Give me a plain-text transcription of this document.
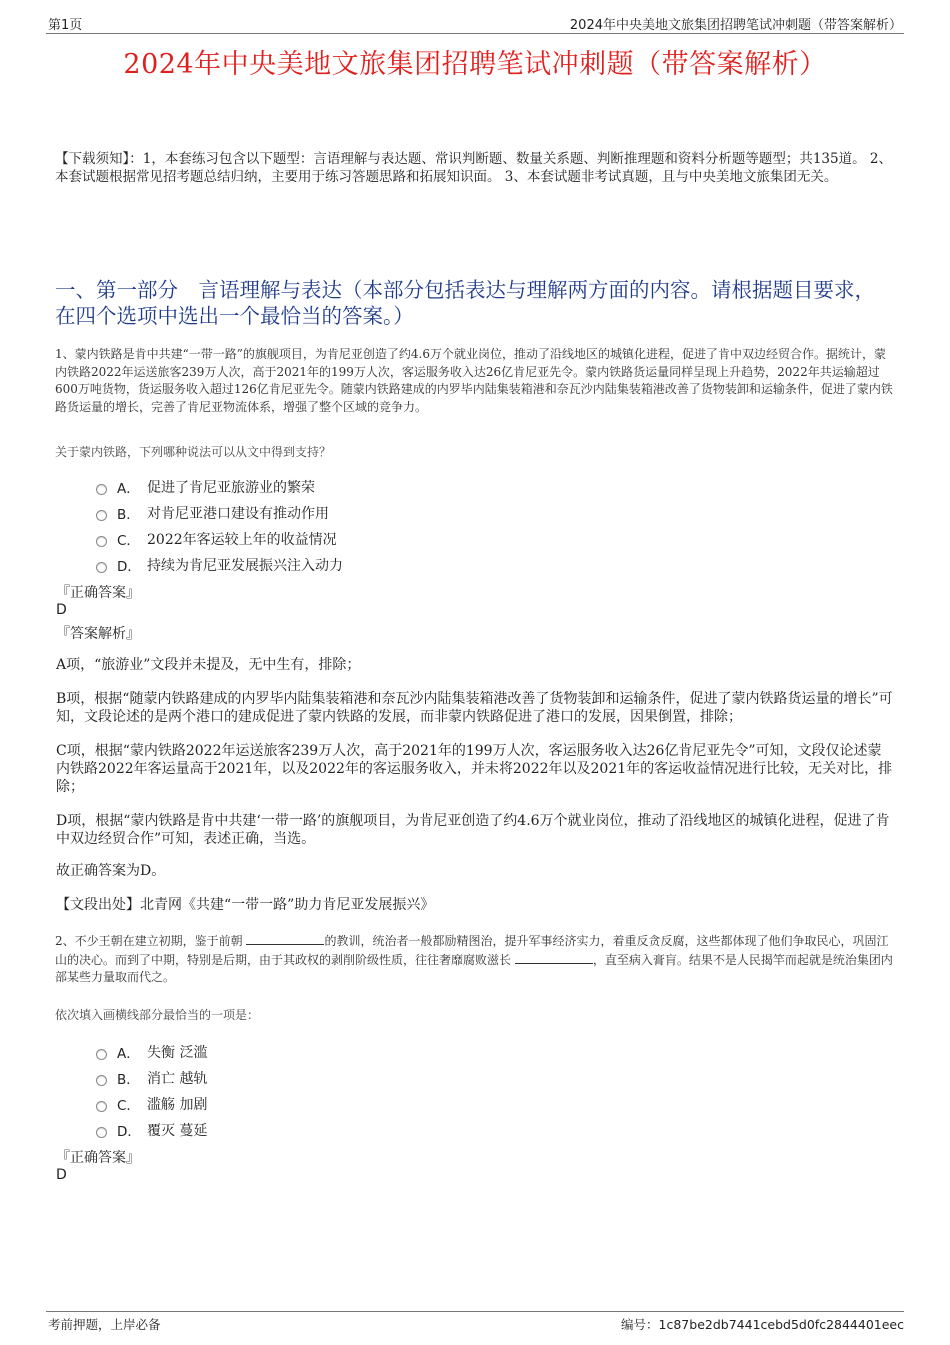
第1页	2024年中央美地文旅集团招聘笔试冲刺题（带答案解析）
2024年中央美地文旅集团招聘笔试冲刺题（带答案解析）
【下载须知】：1，本套练习包含以下题型：言语理解与表达题、常识判断题、数量关系题、判断推理题和资料分析题等题型；共135道。 2、本套试题根据常见招考题总结归纳，主要用于练习答题思路和拓展知识面。 3、本套试题非考试真题，且与中央美地文旅集团无关。
一、第一部分　言语理解与表达（本部分包括表达与理解两方面的内容。请根据题目要求，在四个选项中选出一个最恰当的答案。）
1、蒙内铁路是肯中共建“一带一路”的旗舰项目，为肯尼亚创造了约4.6万个就业岗位，推动了沿线地区的城镇化进程，促进了肯中双边经贸合作。据统计，蒙内铁路2022年运送旅客239万人次，高于2021年的199万人次，客运服务收入达26亿肯尼亚先令。蒙内铁路货运量同样呈现上升趋势，2022年共运输超过600万吨货物，货运服务收入超过126亿肯尼亚先令。随蒙内铁路建成的内罗毕内陆集装箱港和奈瓦沙内陆集装箱港改善了货物装卸和运输条件，促进了蒙内铁路货运量的增长，完善了肯尼亚物流体系，增强了整个区域的竞争力。
关于蒙内铁路，下列哪种说法可以从文中得到支持？
A． 促进了肯尼亚旅游业的繁荣
B． 对肯尼亚港口建设有推动作用
C． 2022年客运较上年的收益情况
D． 持续为肯尼亚发展振兴注入动力
『正确答案』
D
『答案解析』
A项，“旅游业”文段并未提及，无中生有，排除；
B项，根据“随蒙内铁路建成的内罗毕内陆集装箱港和奈瓦沙内陆集装箱港改善了货物装卸和运输条件，促进了蒙内铁路货运量的增长”可知，文段论述的是两个港口的建成促进了蒙内铁路的发展，而非蒙内铁路促进了港口的发展，因果倒置，排除；
C项，根据“蒙内铁路2022年运送旅客239万人次，高于2021年的199万人次，客运服务收入达26亿肯尼亚先令”可知，文段仅论述蒙内铁路2022年客运量高于2021年，以及2022年的客运服务收入，并未将2022年以及2021年的客运收益情况进行比较，无关对比，排除；
D项，根据“蒙内铁路是肯中共建‘一带一路’的旗舰项目，为肯尼亚创造了约4.6万个就业岗位，推动了沿线地区的城镇化进程，促进了肯中双边经贸合作”可知，表述正确，当选。
故正确答案为D。
【文段出处】北青网《共建“一带一路”助力肯尼亚发展振兴》
2、不少王朝在建立初期，鉴于前朝	的教训，统治者一般都励精图治，提升军事经济实力，着重反贪反腐，这些都体现了他们争取民心，巩固江山的决心。而到了中期，特别是后期，由于其政权的剥削阶级性质，往往奢靡腐败滋长	，直至病入膏肓。结果不是人民揭竿而起就是统治集团内部某些力量取而代之。
依次填入画横线部分最恰当的一项是：
A． 失衡 泛滥
B． 消亡 越轨
C． 滥觞 加剧
D． 覆灭 蔓延
『正确答案』
D
考前押题，上岸必备	编号：1c87be2db7441cebd5d0fc2844401eec
